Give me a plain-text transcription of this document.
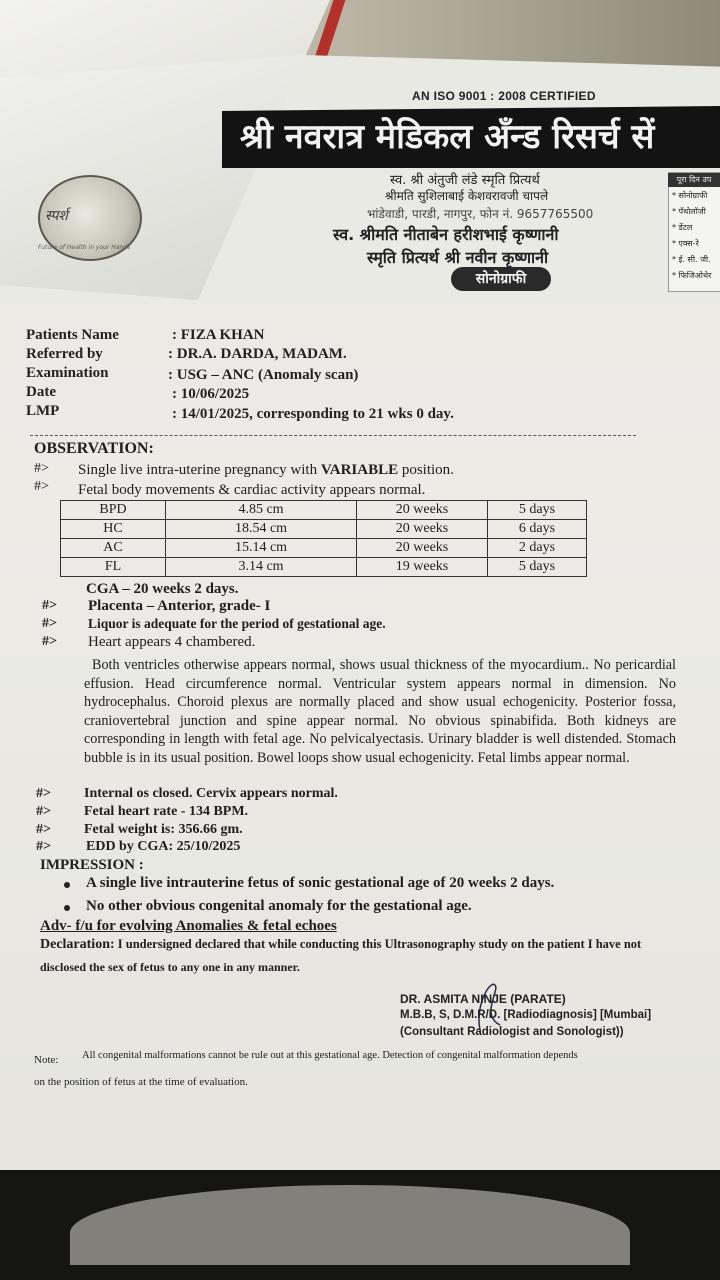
AN ISO 9001 : 2008 CERTIFIED
श्री नवरात्र मेडिकल अँन्ड रिसर्च सें
स्पर्श
Future of Health in your Hands
स्व. श्री अंतुजी लंडे स्मृति प्रित्यर्थ
श्रीमति सुशिलाबाई केशवरावजी चापले
भांडेवाडी, पारडी, नागपुर, फोन नं. 9657765500
स्व. श्रीमति नीताबेन हरीशभाई कृष्णानी
स्मृति प्रित्यर्थ श्री नवीन कृष्णानी
सोनोग्राफी
पूरा दिन उप
* सोनोग्राफी
* पॅथोलॉजी
* डेंटल
* एक्स-रे
* ई. सी. जी.
* फिजिओथेर
Patients Name	: FIZA KHAN
Referred by	: DR.A. DARDA, MADAM.
Examination	: USG – ANC (Anomaly scan)
Date	: 10/06/2025
LMP	: 14/01/2025, corresponding to 21 wks 0 day.
OBSERVATION:
#> Single live intra-uterine pregnancy with VARIABLE position.
#> Fetal body movements & cardiac activity appears normal.
BPD	4.85 cm	20 weeks	5 days
HC	18.54 cm	20 weeks	6 days
AC	15.14 cm	20 weeks	2 days
FL	3.14 cm	19 weeks	5 days
CGA – 20 weeks 2 days.
#> Placenta – Anterior, grade- I
#> Liquor is adequate for the period of gestational age.
#> Heart appears 4 chambered.
Both ventricles otherwise appears normal, shows usual thickness of the myocardium.. No pericardial effusion. Head circumference normal. Ventricular system appears normal in dimension. No hydrocephalus. Choroid plexus are normally placed and show usual echogenicity. Posterior fossa, craniovertebral junction and spine appear normal. No obvious spinabifida. Both kidneys are corresponding in length with fetal age. No pelvicalyectasis. Urinary bladder is well distended. Stomach bubble is in its usual position. Bowel loops show usual echogenicity. Fetal limbs appear normal.
#> Internal os closed. Cervix appears normal.
#> Fetal heart rate - 134 BPM.
#> Fetal weight is: 356.66 gm.
#>	EDD by CGA: 25/10/2025
IMPRESSION :
A single live intrauterine fetus of sonic gestational age of 20 weeks 2 days.
No other obvious congenital anomaly for the gestational age.
Adv- f/u for evolving Anomalies & fetal echoes
Declaration: I undersigned declared that while conducting this Ultrasonography study on the patient I have not
disclosed the sex of fetus to any one in any manner.
DR. ASMITA NINJE (PARATE)
M.B.B, S, D.M.R/D. [Radiodiagnosis] [Mumbai]
(Consultant Radiologist and Sonologist))
Note: All congenital malformations cannot be rule out at this gestational age. Detection of congenital malformation depends
on the position of fetus at the time of evaluation.
